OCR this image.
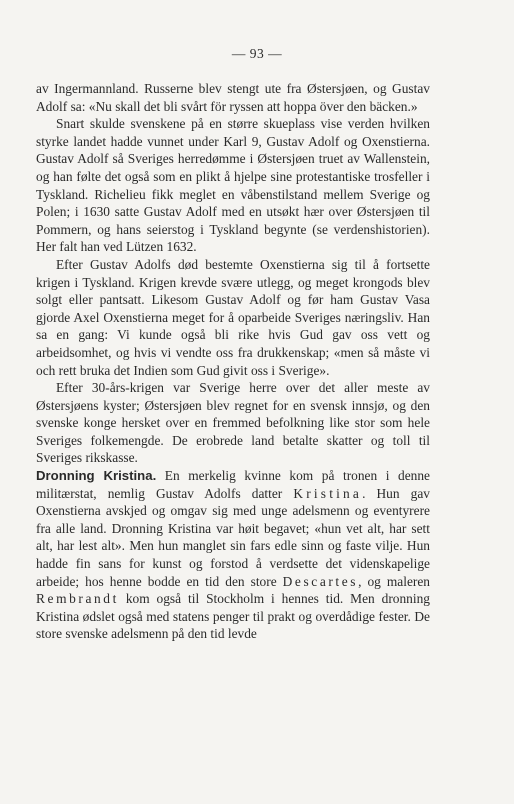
— 93 —

av Ingermannland. Russerne blev stengt ute fra Østersjøen, og Gustav Adolf sa: «Nu skall det bli svårt för ryssen att hoppa över den bäcken.»

Snart skulde svenskene på en større skueplass vise verden hvilken styrke landet hadde vunnet under Karl 9, Gustav Adolf og Oxenstierna. Gustav Adolf så Sveriges herredømme i Østersjøen truet av Wallenstein, og han følte det også som en plikt å hjelpe sine protestantiske trosfeller i Tyskland. Richelieu fikk meglet en våbenstilstand mellem Sverige og Polen; i 1630 satte Gustav Adolf med en utsøkt hær over Østersjøen til Pommern, og hans seierstog i Tyskland begynte (se verdenshistorien). Her falt han ved Lützen 1632.

Efter Gustav Adolfs død bestemte Oxenstierna sig til å fortsette krigen i Tyskland. Krigen krevde svære utlegg, og meget krongods blev solgt eller pantsatt. Likesom Gustav Adolf og før ham Gustav Vasa gjorde Axel Oxenstierna meget for å oparbeide Sveriges næringsliv. Han sa en gang: Vi kunde også bli rike hvis Gud gav oss vett og arbeidsomhet, og hvis vi vendte oss fra drukkenskap; «men så måste vi och rett bruka det Indien som Gud givit oss i Sverige».

Efter 30-års-krigen var Sverige herre over det aller meste av Østersjøens kyster; Østersjøen blev regnet for en svensk innsjø, og den svenske konge hersket over en fremmed befolkning like stor som hele Sveriges folkemengde. De erobrede land betalte skatter og toll til Sveriges rikskasse.

Dronning Kristina. En merkelig kvinne kom på tronen i denne militærstat, nemlig Gustav Adolfs datter Kristina. Hun gav Oxenstierna avskjed og omgav sig med unge adelsmenn og eventyrere fra alle land. Dronning Kristina var høit begavet; «hun vet alt, har sett alt, har lest alt». Men hun manglet sin fars edle sinn og faste vilje. Hun hadde fin sans for kunst og forstod å verdsette det videnskapelige arbeide; hos henne bodde en tid den store Descartes, og maleren Rembrandt kom også til Stockholm i hennes tid. Men dronning Kristina ødslet også med statens penger til prakt og overdådige fester. De store svenske adelsmenn på den tid levde
